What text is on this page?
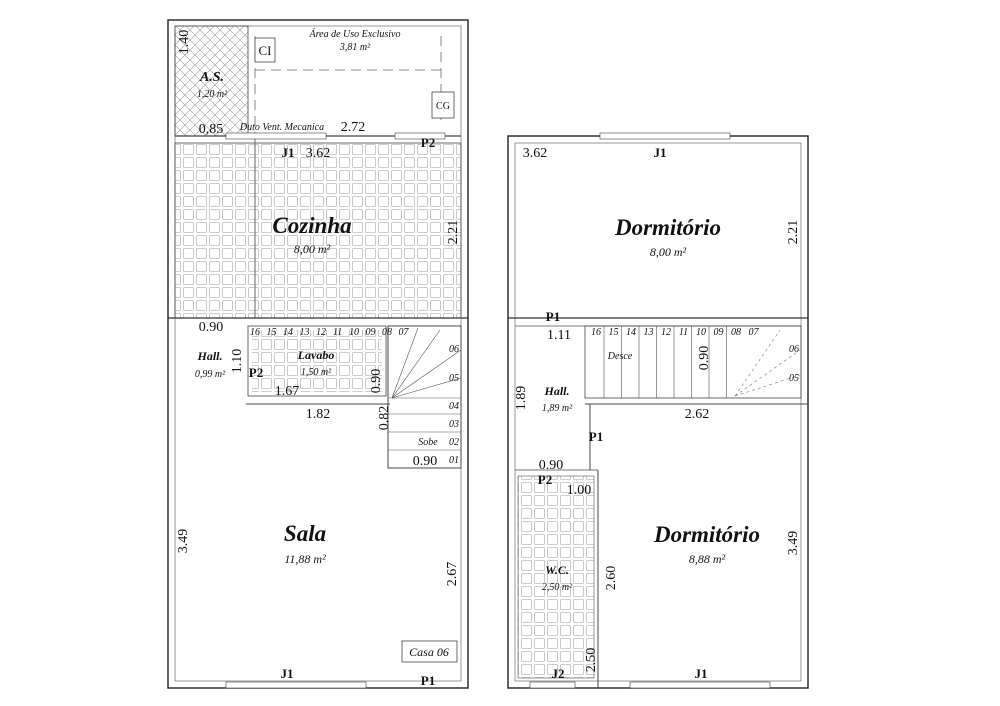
Área de Uso Exclusivo
3,81 m²
A.S.
1,20 m²
CI
CG
Duto Vent. Mecanica
Cozinha
8,00 m²
Hall.
0,99 m²
Lavabo
1,50 m²
Sala
11,88 m²
Casa 06
Sobe
J1
P2
P2
J1	P1
1.40
0,85	2.72
3.62
2.21
0.90
1.10
1.67	0.90
1.82	0.82
0.90
3.49
2.67
16 15 14 13 12 11 10 09 08 07
06
05
04
03
02
01
Dormitório
8,00 m²
Hall.
1,89 m²
Dormitório
8,88 m²
W.C.
2,50 m²
Desce
J1
P1
P1
P2
J2	J1
3.62
2.21
1.11
0.90
1.89
2.62
0.90
1.00
3.49
2.60
2.50
16 15 14 13 12 11 10 09 08 07
06
05
